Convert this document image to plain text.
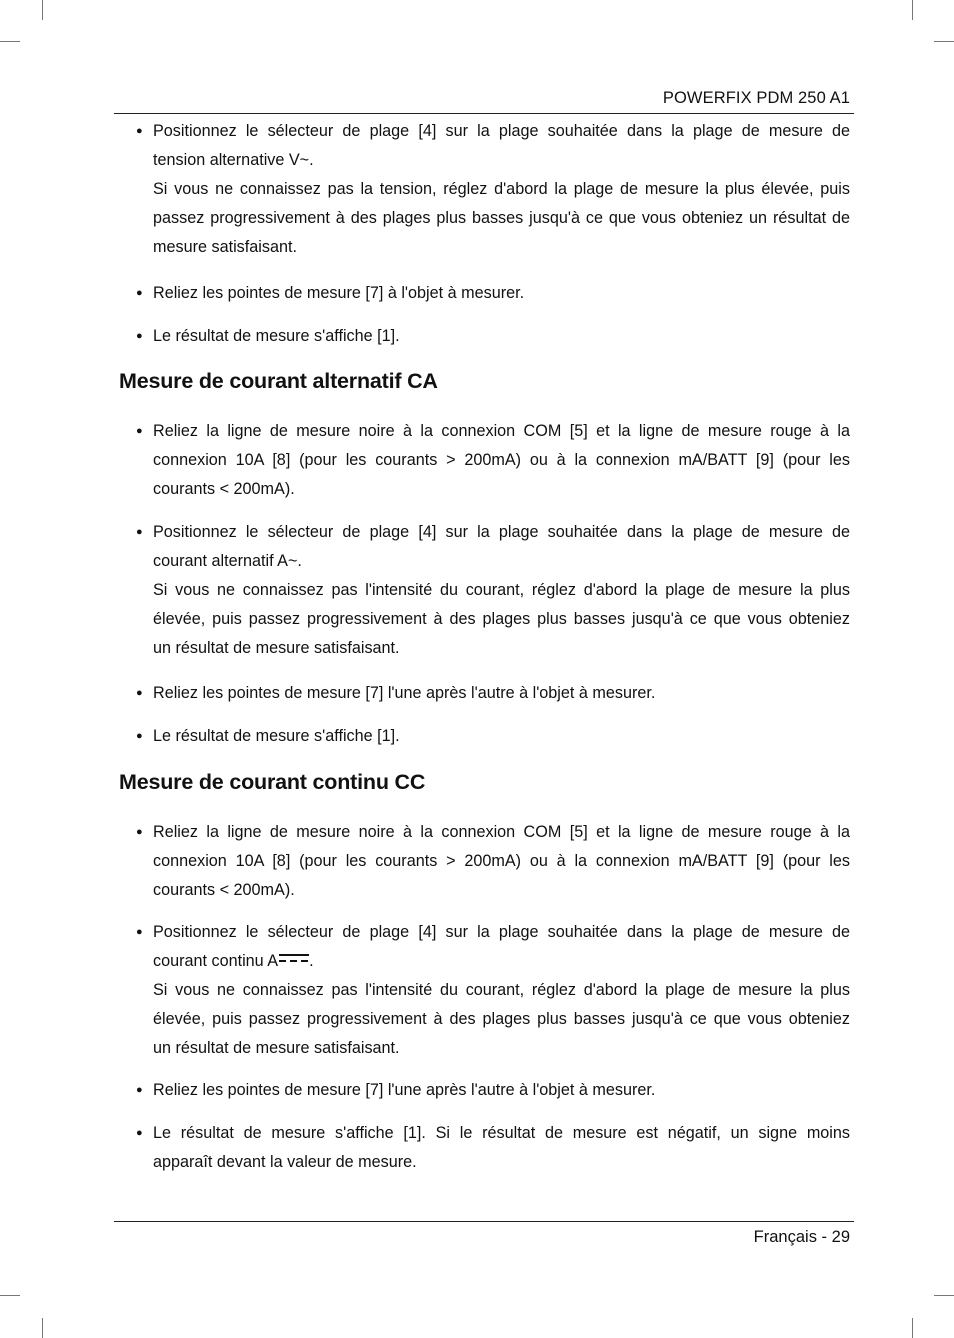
POWERFIX PDM 250 A1
● Positionnez le sélecteur de plage [4] sur la plage souhaitée dans la plage de mesure de
tension alternative V~.
Si vous ne connaissez pas la tension, réglez d'abord la plage de mesure la plus élevée, puis
passez progressivement à des plages plus basses jusqu'à ce que vous obteniez un résultat de
mesure satisfaisant.
● Reliez les pointes de mesure [7] à l'objet à mesurer.
● Le résultat de mesure s'affiche [1].
Mesure de courant alternatif CA
● Reliez la ligne de mesure noire à la connexion COM [5] et la ligne de mesure rouge à la
connexion 10A [8] (pour les courants > 200mA) ou à la connexion mA/BATT [9] (pour les
courants < 200mA).
● Positionnez le sélecteur de plage [4] sur la plage souhaitée dans la plage de mesure de
courant alternatif A~.
Si vous ne connaissez pas l'intensité du courant, réglez d'abord la plage de mesure la plus
élevée, puis passez progressivement à des plages plus basses jusqu'à ce que vous obteniez
un résultat de mesure satisfaisant.
● Reliez les pointes de mesure [7] l'une après l'autre à l'objet à mesurer.
● Le résultat de mesure s'affiche [1].
Mesure de courant continu CC
● Reliez la ligne de mesure noire à la connexion COM [5] et la ligne de mesure rouge à la
connexion 10A [8] (pour les courants > 200mA) ou à la connexion mA/BATT [9] (pour les
courants < 200mA).
● Positionnez le sélecteur de plage [4] sur la plage souhaitée dans la plage de mesure de
courant continu A .
Si vous ne connaissez pas l'intensité du courant, réglez d'abord la plage de mesure la plus
élevée, puis passez progressivement à des plages plus basses jusqu'à ce que vous obteniez
un résultat de mesure satisfaisant.
● Reliez les pointes de mesure [7] l'une après l'autre à l'objet à mesurer.
● Le résultat de mesure s'affiche [1]. Si le résultat de mesure est négatif, un signe moins
apparaît devant la valeur de mesure.
Français - 29
